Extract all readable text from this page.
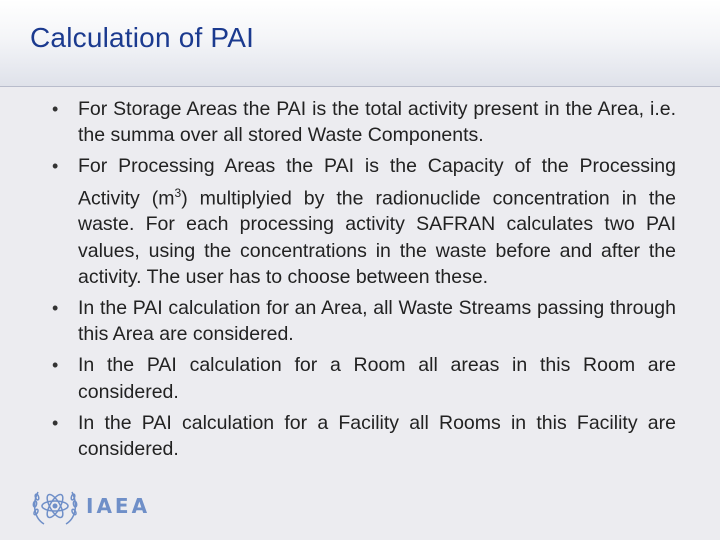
Calculation of PAI
• For Storage Areas the PAI is the total activity present in the Area, i.e. the summa over all stored Waste Components.
• For Processing Areas the PAI is the Capacity of the Processing Activity $(m^3)$ multiplyied by the radionuclide concentration in the waste. For each processing activity SAFRAN calculates two PAI values, using the concentrations in the waste before and after the activity. The user has to choose between these.
• In the PAI calculation for an Area, all Waste Streams passing through this Area are considered.
• In the PAI calculation for a Room all areas in this Room are considered.
• In the PAI calculation for a Facility all Rooms in this Facility are considered.
IAEA
